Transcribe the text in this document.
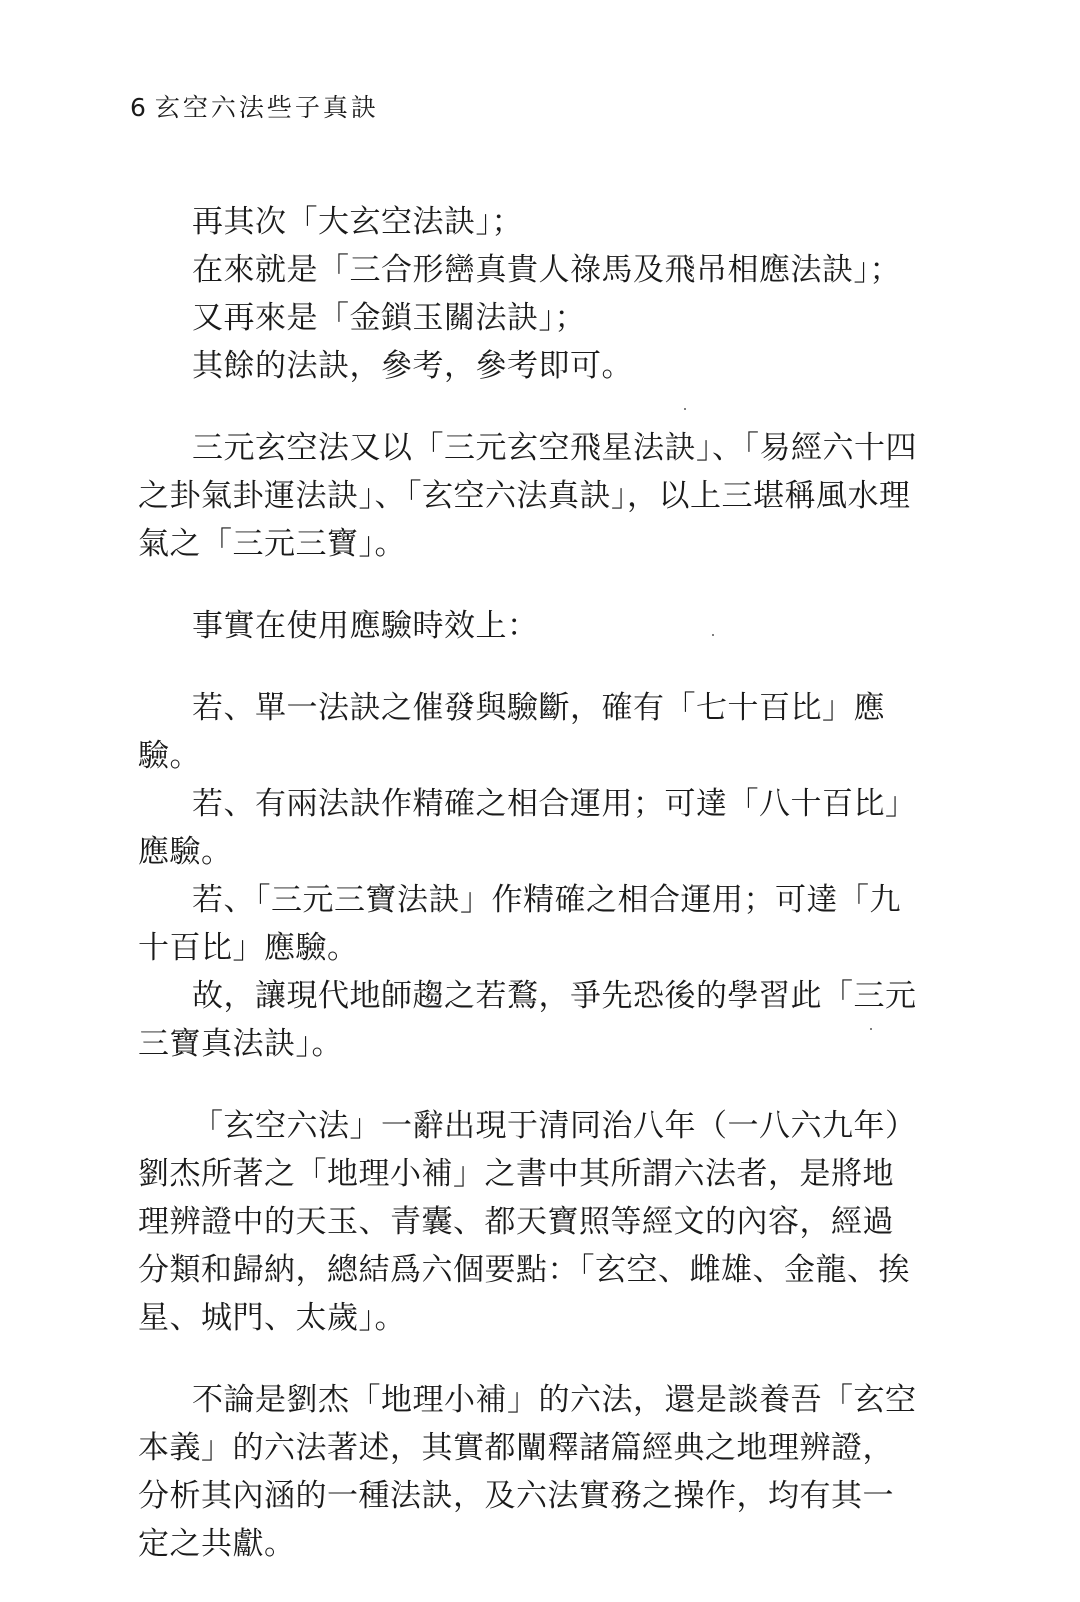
6 玄空六法些子真訣

再其次「大玄空法訣」；

在來就是「三合形巒真貴人祿馬及飛吊相應法訣」；

又再來是「金鎖玉關法訣」；

其餘的法訣，參考，參考即可。

三元玄空法又以「三元玄空飛星法訣」、「易經六十四之卦氣卦運法訣」、「玄空六法真訣」，以上三堪稱風水理氣之「三元三寶」。

事實在使用應驗時效上：

若、單一法訣之催發與驗斷，確有「七十百比」應驗。

若、有兩法訣作精確之相合運用；可達「八十百比」應驗。

若、「三元三寶法訣」作精確之相合運用；可達「九十百比」應驗。

故，讓現代地師趨之若鶩，爭先恐後的學習此「三元三寶真法訣」。

「玄空六法」一辭出現于清同治八年（一八六九年）劉杰所著之「地理小補」之書中其所謂六法者，是將地理辨證中的天玉、青囊、都天寶照等經文的內容，經過分類和歸納，總結爲六個要點：「玄空、雌雄、金龍、挨星、城門、太歲」。

不論是劉杰「地理小補」的六法，還是談養吾「玄空本義」的六法著述，其實都闡釋諸篇經典之地理辨證，分析其內涵的一種法訣，及六法實務之操作，均有其一定之共獻。
